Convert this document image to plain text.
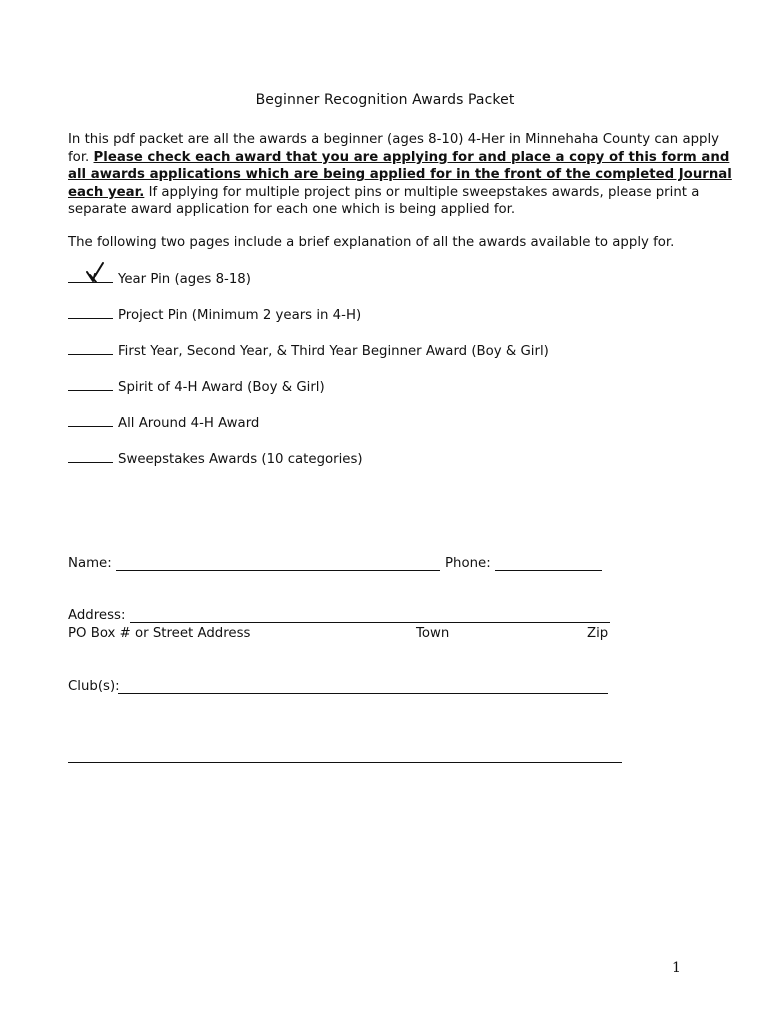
Beginner Recognition Awards Packet
In this pdf packet are all the awards a beginner (ages 8-10) 4-Her in Minnehaha County can apply for. Please check each award that you are applying for and place a copy of this form and all awards applications which are being applied for in the front of the completed Journal each year. If applying for multiple project pins or multiple sweepstakes awards, please print a separate award application for each one which is being applied for.
The following two pages include a brief explanation of all the awards available to apply for.
Year Pin (ages 8-18)
Project Pin (Minimum 2 years in 4-H)
First Year, Second Year, & Third Year Beginner Award (Boy & Girl)
Spirit of 4-H Award (Boy & Girl)
All Around 4-H Award
Sweepstakes Awards (10 categories)
Name:	Phone:
Address:
PO Box # or Street Address	Town	Zip
Club(s):
1
